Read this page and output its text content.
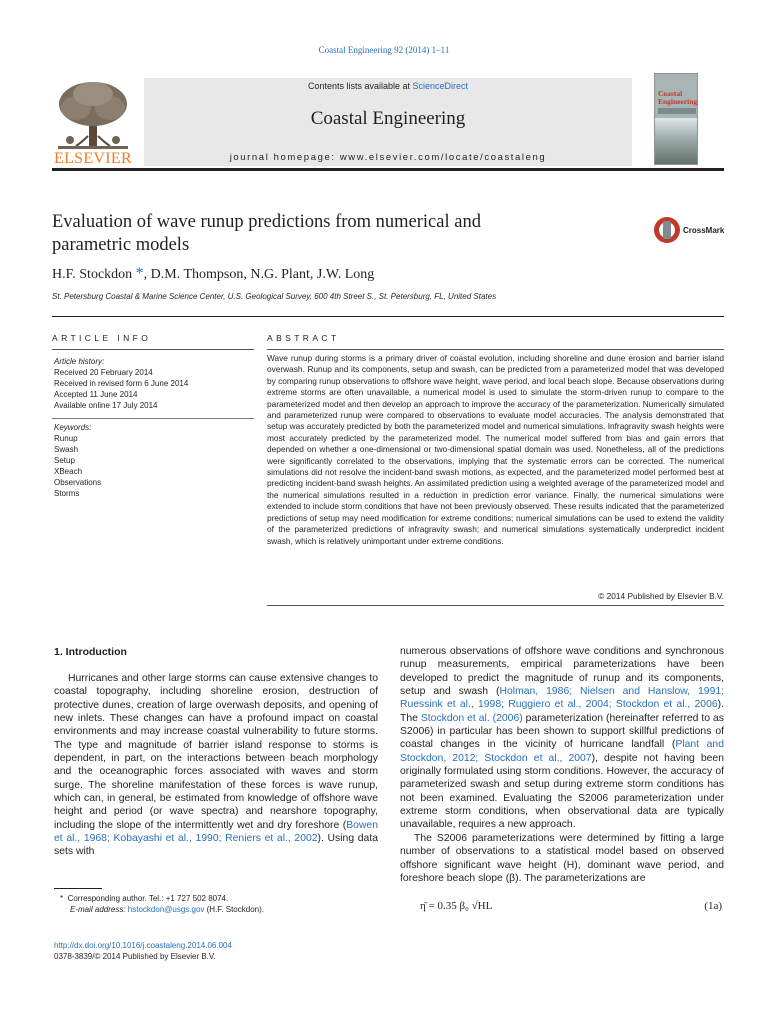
Coastal Engineering 92 (2014) 1–11
Contents lists available at ScienceDirect
Coastal Engineering
journal homepage: www.elsevier.com/locate/coastaleng
ELSEVIER
Coastal Engineering
Evaluation of wave runup predictions from numerical and
parametric models
CrossMark
H.F. Stockdon *, D.M. Thompson, N.G. Plant, J.W. Long
St. Petersburg Coastal & Marine Science Center, U.S. Geological Survey, 600 4th Street S., St. Petersburg, FL, United States
ARTICLE INFO	ABSTRACT
Article history:
Received 20 February 2014
Received in revised form 6 June 2014
Accepted 11 June 2014
Available online 17 July 2014
Keywords:
Runup
Swash
Setup
XBeach
Observations
Storms
Wave runup during storms is a primary driver of coastal evolution, including shoreline and dune erosion and barrier island overwash. Runup and its components, setup and swash, can be predicted from a parameterized model that was developed by comparing runup observations to offshore wave height, wave period, and local beach slope. Because observations during extreme storms are often unavailable, a numerical model is used to simulate the storm-driven runup to compare to the parameterized model and then develop an approach to improve the accuracy of the parameterization. Numerically simulated and parameterized runup were compared to observations to evaluate model accuracies. The analysis demonstrated that setup was accurately predicted by both the parameterized model and numerical simulations. Infragravity swash heights were most accurately predicted by the parameterized model. The numerical model suffered from bias and gain errors that depended on whether a one-dimensional or two-dimensional spatial domain was used. Nonetheless, all of the predictions were significantly correlated to the observations, implying that the systematic errors can be corrected. The numerical simulations did not resolve the incident-band swash motions, as expected, and the parameterized model performed best at predicting incident-band swash heights. An assimilated prediction using a weighted average of the parameterized model and the numerical simulations resulted in a reduction in prediction error variance. Finally, the numerical simulations were extended to include storm conditions that have not been previously observed. These results indicated that the parameterized predictions of setup may need modification for extreme conditions; numerical simulations can be used to extend the validity of the parameterized predictions of infragravity swash; and numerical simulations systematically underpredict incident swash, which is relatively unimportant under extreme conditions.
© 2014 Published by Elsevier B.V.
1. Introduction

Hurricanes and other large storms can cause extensive changes to coastal topography, including shoreline erosion, destruction of protective dunes, creation of large overwash deposits, and opening of new inlets. These changes can have a profound impact on coastal environments and may increase coastal vulnerability to future storms. The type and magnitude of barrier island response to storms is dependent, in part, on the interactions between beach morphology and the oceanographic forces associated with waves and storm surge. The shoreline manifestation of these forces is wave runup, which can, in general, be estimated from knowledge of offshore wave height and period (or wave spectra) and nearshore topography, including the slope of the intermittently wet and dry foreshore (Bowen et al., 1968; Kobayashi et al., 1990; Reniers et al., 2002). Using data sets with

numerous observations of offshore wave conditions and synchronous runup measurements, empirical parameterizations have been developed to predict the magnitude of runup and its components, setup and swash (Holman, 1986; Nielsen and Hanslow, 1991; Ruessink et al., 1998; Ruggiero et al., 2004; Stockdon et al., 2006). The Stockdon et al. (2006) parameterization (hereinafter referred to as S2006) in particular has been shown to support skillful predictions of coastal changes in the vicinity of hurricane landfall (Plant and Stockdon, 2012; Stockdon et al., 2007), despite not having been originally formulated using storm conditions. However, the accuracy of parameterized swash and setup during extreme storm conditions has not been examined. Evaluating the S2006 parameterization under extreme storm conditions, when observational data are typically unavailable, requires a new approach.

The S2006 parameterizations were determined by fitting a large number of observations to a statistical model based on observed offshore significant wave height (H), dominant wave period, and foreshore beach slope (β). The parameterizations are

η̄ = 0.35 β₀ √HL	(1a)
* Corresponding author. Tel.: +1 727 502 8074.
E-mail address: hstockdon@usgs.gov (H.F. Stockdon).
http://dx.doi.org/10.1016/j.coastaleng.2014.06.004
0378-3839/© 2014 Published by Elsevier B.V.
